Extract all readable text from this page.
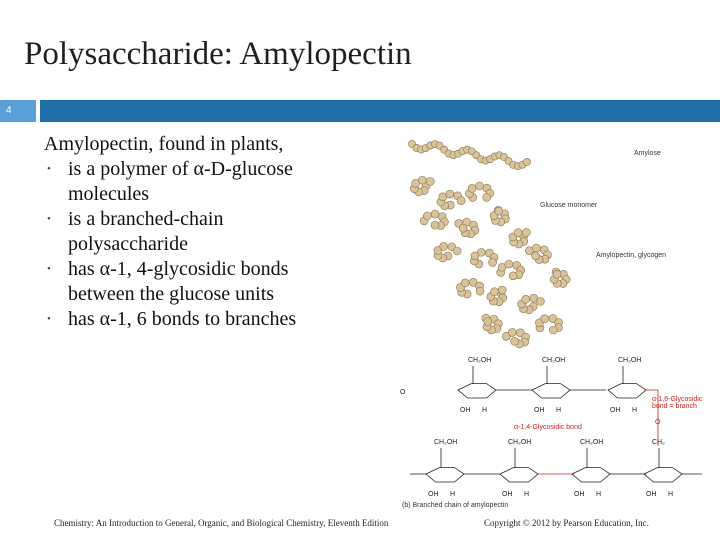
Polysaccharide: Amylopectin
4

Amylopectin, found in plants,

• is a polymer of α-D-glucose
molecules
• is a branched-chain
polysaccharide
• has α-1, 4-glycosidic bonds
between the glucose units
• has α-1, 6 bonds to branches
CH₂OH
OH H
CH₂OH
OH H
CH₂OH
OH H
CH₂OH
OH H
CH₂OH
OH H
CH₂OH
OH H
CH₂
OH H
O
O
Amylose
Glucose monomer
Amylopectin, glycogen
α-1,6-Glycosidic bond = branch
α-1,4-Glycosidic bond
(b) Branched chain of amylopectin
Chemistry: An Introduction to General, Organic, and Biological Chemistry, Eleventh Edition	Copyright © 2012 by Pearson Education, Inc.
